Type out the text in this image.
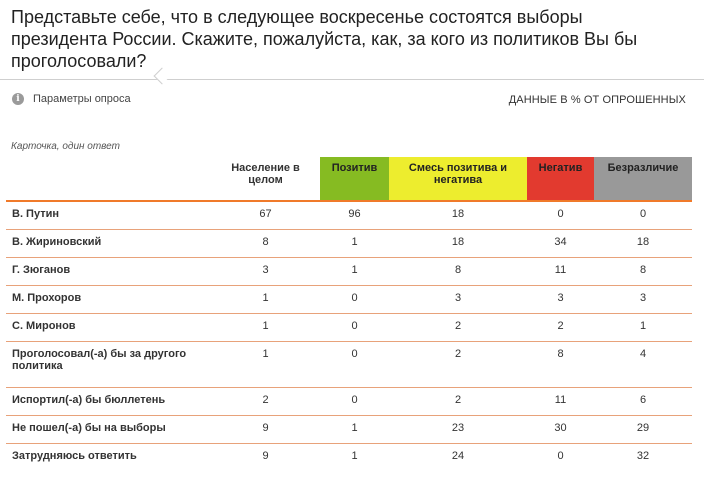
Представьте себе, что в следующее воскресенье состоятся выборы президента России. Скажите, пожалуйста, как, за кого из политиков Вы бы проголосовали?
i	Параметры опроса	ДАННЫЕ В % ОТ ОПРОШЕННЫХ
Карточка, один ответ
	Население в целом	Позитив	Смесь позитива и негатива	Негатив	Безразличие
В. Путин	67	96	18	0	0
В. Жириновский	8	1	18	34	18
Г. Зюганов	3	1	8	11	8
М. Прохоров	1	0	3	3	3
С. Миронов	1	0	2	2	1
Проголосовал(-а) бы за другого политика	1	0	2	8	4
Испортил(-а) бы бюллетень	2	0	2	11	6
Не пошел(-а) бы на выборы	9	1	23	30	29
Затрудняюсь ответить	9	1	24	0	32
